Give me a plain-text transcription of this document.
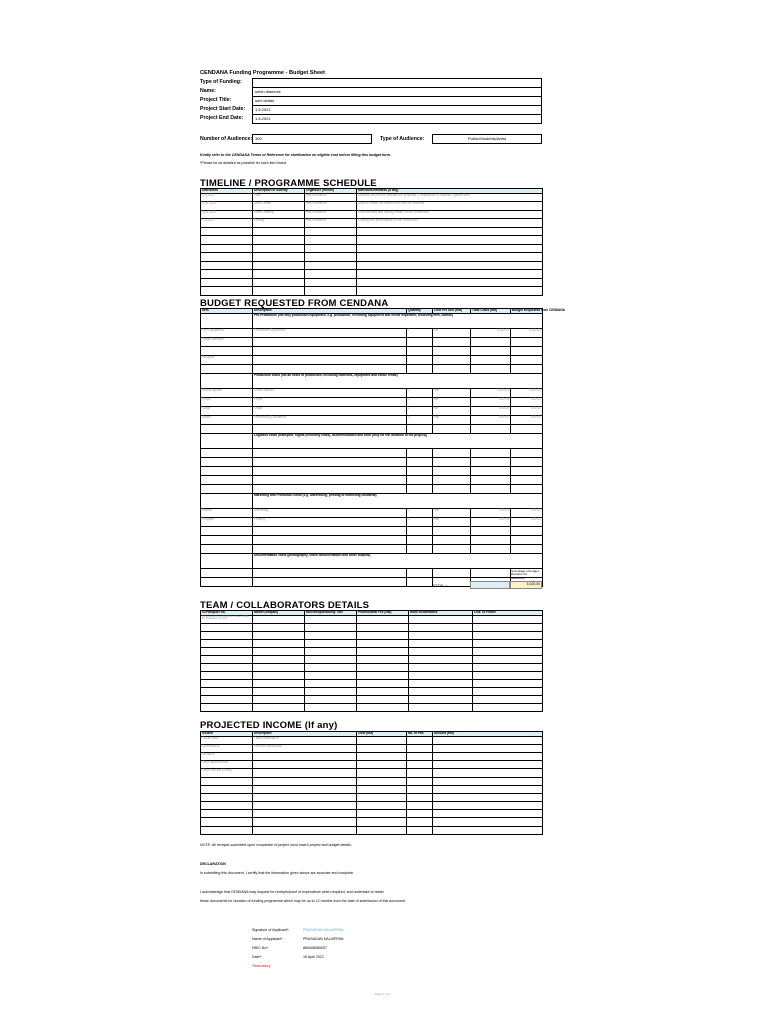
CENDANA Funding Programme - Budget Sheet
Type of Funding:
Name:	sebin dianenis
Project Title:	seni lantas
Project Start Date:	1.5.2021
Project End Date:	1.8.2021
Number of Audience: 300	Type of Audience:	Public/Students/Artist
Kindly refer to the CENDANA Terms of Reference for clarification on eligible cost before filling this budget form.
*Please be as detailed as possible for each item listed.
TIMELINE / PROGRAMME SCHEDULE
Date/Week	Description of Activity	Organiser (Whom)	Milestone/Remarks (If any)
1.5.2021	Plan	sebin dianenis	Discuss the job and prepare the proposal / Preparation of material / gather item
10.5.2021	Start Create	sebin dianenis	Start to create the sample and test for outcome
20.6.2021	Start Creating	sebin dianenis	Start creating and testing create for the production
1.8.2021	Ending	sebin dianenis	Closing and presentation of the production

BUDGET REQUESTED FROM CENDANA
Item	Description	Quantity	Cost Per Unit (RM)	Total Costs (RM)	Budget Requested from CENDANA
	Pre-Production (list only production equipment, e.g. production, recording equipment and venue expenses; recording fees, edition)				
Fee Equipment	Production Equipment	1	set	1,000.00	1,000.00
Stage Manager					

Designer					

	Production costs (list all costs of production, including materials, equipment and venue rental)				
Sound system	Sound system	1	unit	2,000.00	2,000.00
Props	Props	1	set	500.00	500.00
Stage	Stage	1	set	500.00	500.00
Space	Performing & audience	1	unit	500.00	500.00

	Logistics costs (transport, flights (economy class), accommodation and food (only for the duration of the project))				

	Marketing and Promotion costs (e.g. advertising, printing of marketing collateral)				
Banner	Marketing	1	unit	300.00	300.00
Program	Printing	1	unit	300.00	300.00

	Documentation costs (photography, video documentation and other outputs)				

Percentage of budget allocation for CENDANA
TOTAL =	5,100.00
TEAM / COLLABORATORS DETAILS
IC/Passport No.	Name/Company	Role/Responsibility Title	Professional Fee (RM)	Work Deliverables	Link To Profile
[If the person is an individual, please include the IC/Passport number]					

PROJECTED INCOME (If any)
Income	Description	Cost (RM)	No. of Pax	Amount (RM)
Ticket sales	Ticket description			
Sponsorship	Sponsor description			
Donation				
Other sponsorship				
Other income (if any)				

NOTE: All receipts submitted upon completion of project must match project and budget details.
DECLARATION
In submitting this document, I certify that the information given above are accurate and complete.
I acknowledge that CENDANA may request for receipts/proof of expenditure when required, and undertake to retain
these documents for duration of funding programme which may be up to 12 months from the date of submission of this document.
Signature of Applicant*:	PRASADAN KALIAPPAN
Name of Applicant*:	PRASADAN KALIAPPAN
NRIC No*:	860408085007
Date*:	16 April 2021
*Mandatory
Page 1 of 1
